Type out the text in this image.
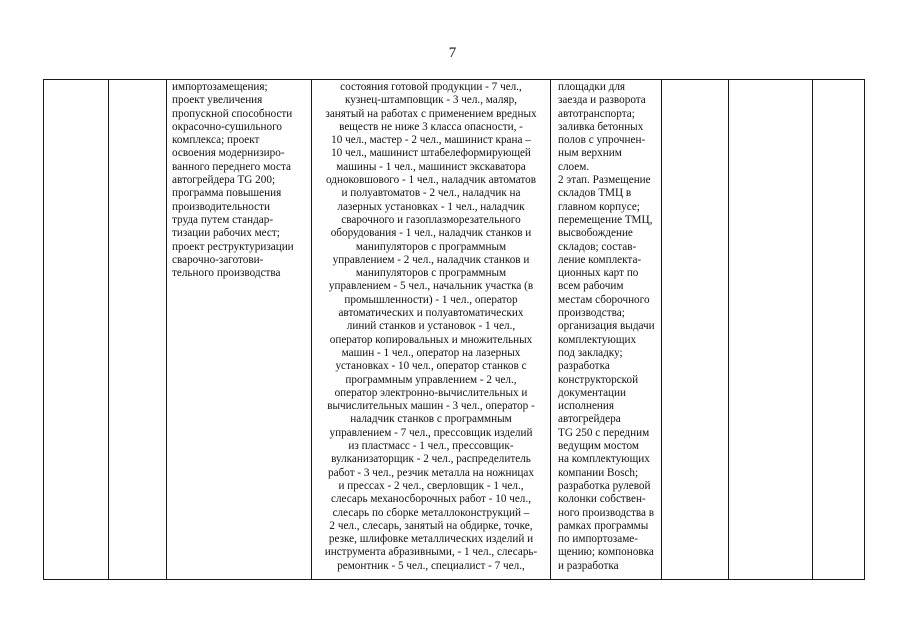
7

импортозамещения;
проект увеличения
пропускной способности
окрасочно-сушильного
комплекса; проект
освоения модернизиро-
ванного переднего моста
автогрейдера TG 200;
программа повышения
производительности
труда путем стандар-
тизации рабочих мест;
проект реструктуризации
сварочно-заготови-
тельного производства

состояния готовой продукции - 7 чел.,
кузнец-штамповщик - 3 чел., маляр,
занятый на работах с применением вредных
веществ не ниже 3 класса опасности, -
10 чел., мастер - 2 чел., машинист крана –
10 чел., машинист штабелеформирующей
машины - 1 чел., машинист экскаватора
одноковшового - 1 чел., наладчик автоматов
и полуавтоматов - 2 чел., наладчик на
лазерных установках - 1 чел., наладчик
сварочного и газоплазморезательного
оборудования - 1 чел., наладчик станков и
манипуляторов с программным
управлением - 2 чел., наладчик станков и
манипуляторов с программным
управлением - 5 чел., начальник участка (в
промышленности) - 1 чел., оператор
автоматических и полуавтоматических
линий станков и установок - 1 чел.,
оператор копировальных и множительных
машин - 1 чел., оператор на лазерных
установках - 10 чел., оператор станков с
программным управлением - 2 чел.,
оператор электронно-вычислительных и
вычислительных машин - 3 чел., оператор -
наладчик станков с программным
управлением - 7 чел., прессовщик изделий
из пластмасс - 1 чел., прессовщик-
вулканизаторщик - 2 чел., распределитель
работ - 3 чел., резчик металла на ножницах
и прессах - 2 чел., сверловщик - 1 чел.,
слесарь механосборочных работ - 10 чел.,
слесарь по сборке металлоконструкций –
2 чел., слесарь, занятый на обдирке, точке,
резке, шлифовке металлических изделий и
инструмента абразивными, - 1 чел., слесарь-
ремонтник - 5 чел., специалист - 7 чел.,

площадки для
заезда и разворота
автотранспорта;
заливка бетонных
полов с упрочнен-
ным верхним
слоем.
2 этап. Размещение
складов ТМЦ в
главном корпусе;
перемещение ТМЦ,
высвобождение
складов; состав-
ление комплекта-
ционных карт по
всем рабочим
местам сборочного
производства;
организация выдачи
комплектующих
под закладку;
разработка
конструкторской
документации
исполнения
автогрейдера
TG 250 с передним
ведущим мостом
на комплектующих
компании Bosch;
разработка рулевой
колонки собствен-
ного производства в
рамках программы
по импортозаме-
щению; компоновка
и разработка
